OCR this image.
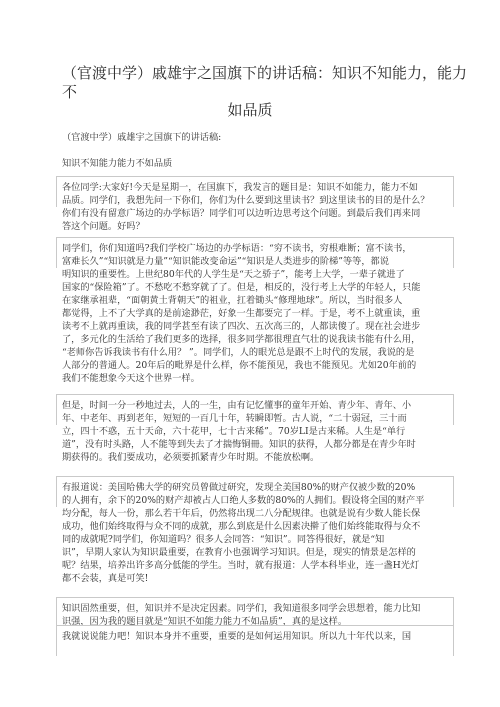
（官渡中学）戚雄宇之国旗下的讲话稿：知识不知能力，能力
不
如品质
（官渡中学）戚雄宇之国旗下的讲话稿:
知识不知能力能力不如品质
各位同学:大家好!今天是星期一，在国旗下，我发言的题目是：知识不如能力，能力不如
品质。同学们，我想先问一下你们，你们为什么要到这里读书？到这里读书的目的是什么？
你们有没有留意广场边的办学标语？同学们可以边听边思考这个问题。到最后我们再来同
答这个问题。好吗？
同学们，你们知道吗?我们学校广场边的办学标语：“穷不读书，穷根难断；富不读书，
富难长久”“知识就是力量”“知识能改变命运”“知识是人类进步的阶梯”等等，都说
明知识的重要性。上世纪80年代的人学生是“天之骄子”，能考上大学，一辈子就进了
国家的“保险箱”了。不愁吃不愁穿就了了。但是，相反的，没行考上大学的年轻人，只能
在家继承祖辈，“面朝黄土背朝天”的祖业，扛着锄头“修理地球”。所以，当时很多人
都觉得，上不了大学真的是前途渺茫，好象一生都要完了一样。于是，考不上就重读，重
读考不上就再重读，我的同学甚至有读了四次、五次高三的，人都读傻了。现在社会进步
了，多元化的生活给了我们更多的选择，很多同学都很理直气壮的说我读书能有什么用，
“老师你告诉我读书有什么用？ ”。同学们，人的眼光总是跟不上时代的发展，我说的是
人部分的普通人。20年后的毗界是什么样，你不能预见，我也不能预见。尤如20年前的
我们不能想象今天这个世界一样。
但是，时间一分一秒地过去，人的一生，由有记忆懂事的童年开始、青少年、青年、小
年、中老年、再到老年，短短的一百几十年，转瞬即暂。古人说，“二十弱冠，三十而
立，四十不惑，五十天命，六十花甲，七十古来稀”。70岁LI是古来稀。人生是“单行
道”，没有时头路，人不能等到失去了才揣悔铜冊。知识的获得，人都分都是在青少年时
期获得的。我们要成功，必须要抓紧青少年时期。不能放松啊。
有报道说：美国哈佛大学的研究员曾做过研究，发现全美国80%的财产仅被少数的20%
的人拥有，余下的20%的财产却被占人口绝人多数的80%的人拥们。假设将全国的财产平
均分配，每人一份，那么若干年后，仍然将出现二八分配规律。也就是说有少数人能长保
成功，他们始终取得与众不同的成就，那么到底是什么因素决擀了他们始终能取得与众不
同的成就呢?同学们，你知道吗？很多人会同答：“知识”。同答得很好，就是“知
识”，早期人家认为知识最重要，在教育小也强调学习知识。但是，现实的情景是怎样的
呢？结果，培养出许多高分低能的学生。当时，就有报道：人学本科毕业，连一盏H光灯
都不会装，真是可笑!
知识固然重要，但，知识并不是决定因素。同学们，我知道很多同学会思想着，能力比知
识强，因为我的题目就是“知识不如能力能力不如品质”，真的是这样。
我就说说能力吧！知识本身并不重要，重要的是如何运用知识。所以九十年代以来，国
